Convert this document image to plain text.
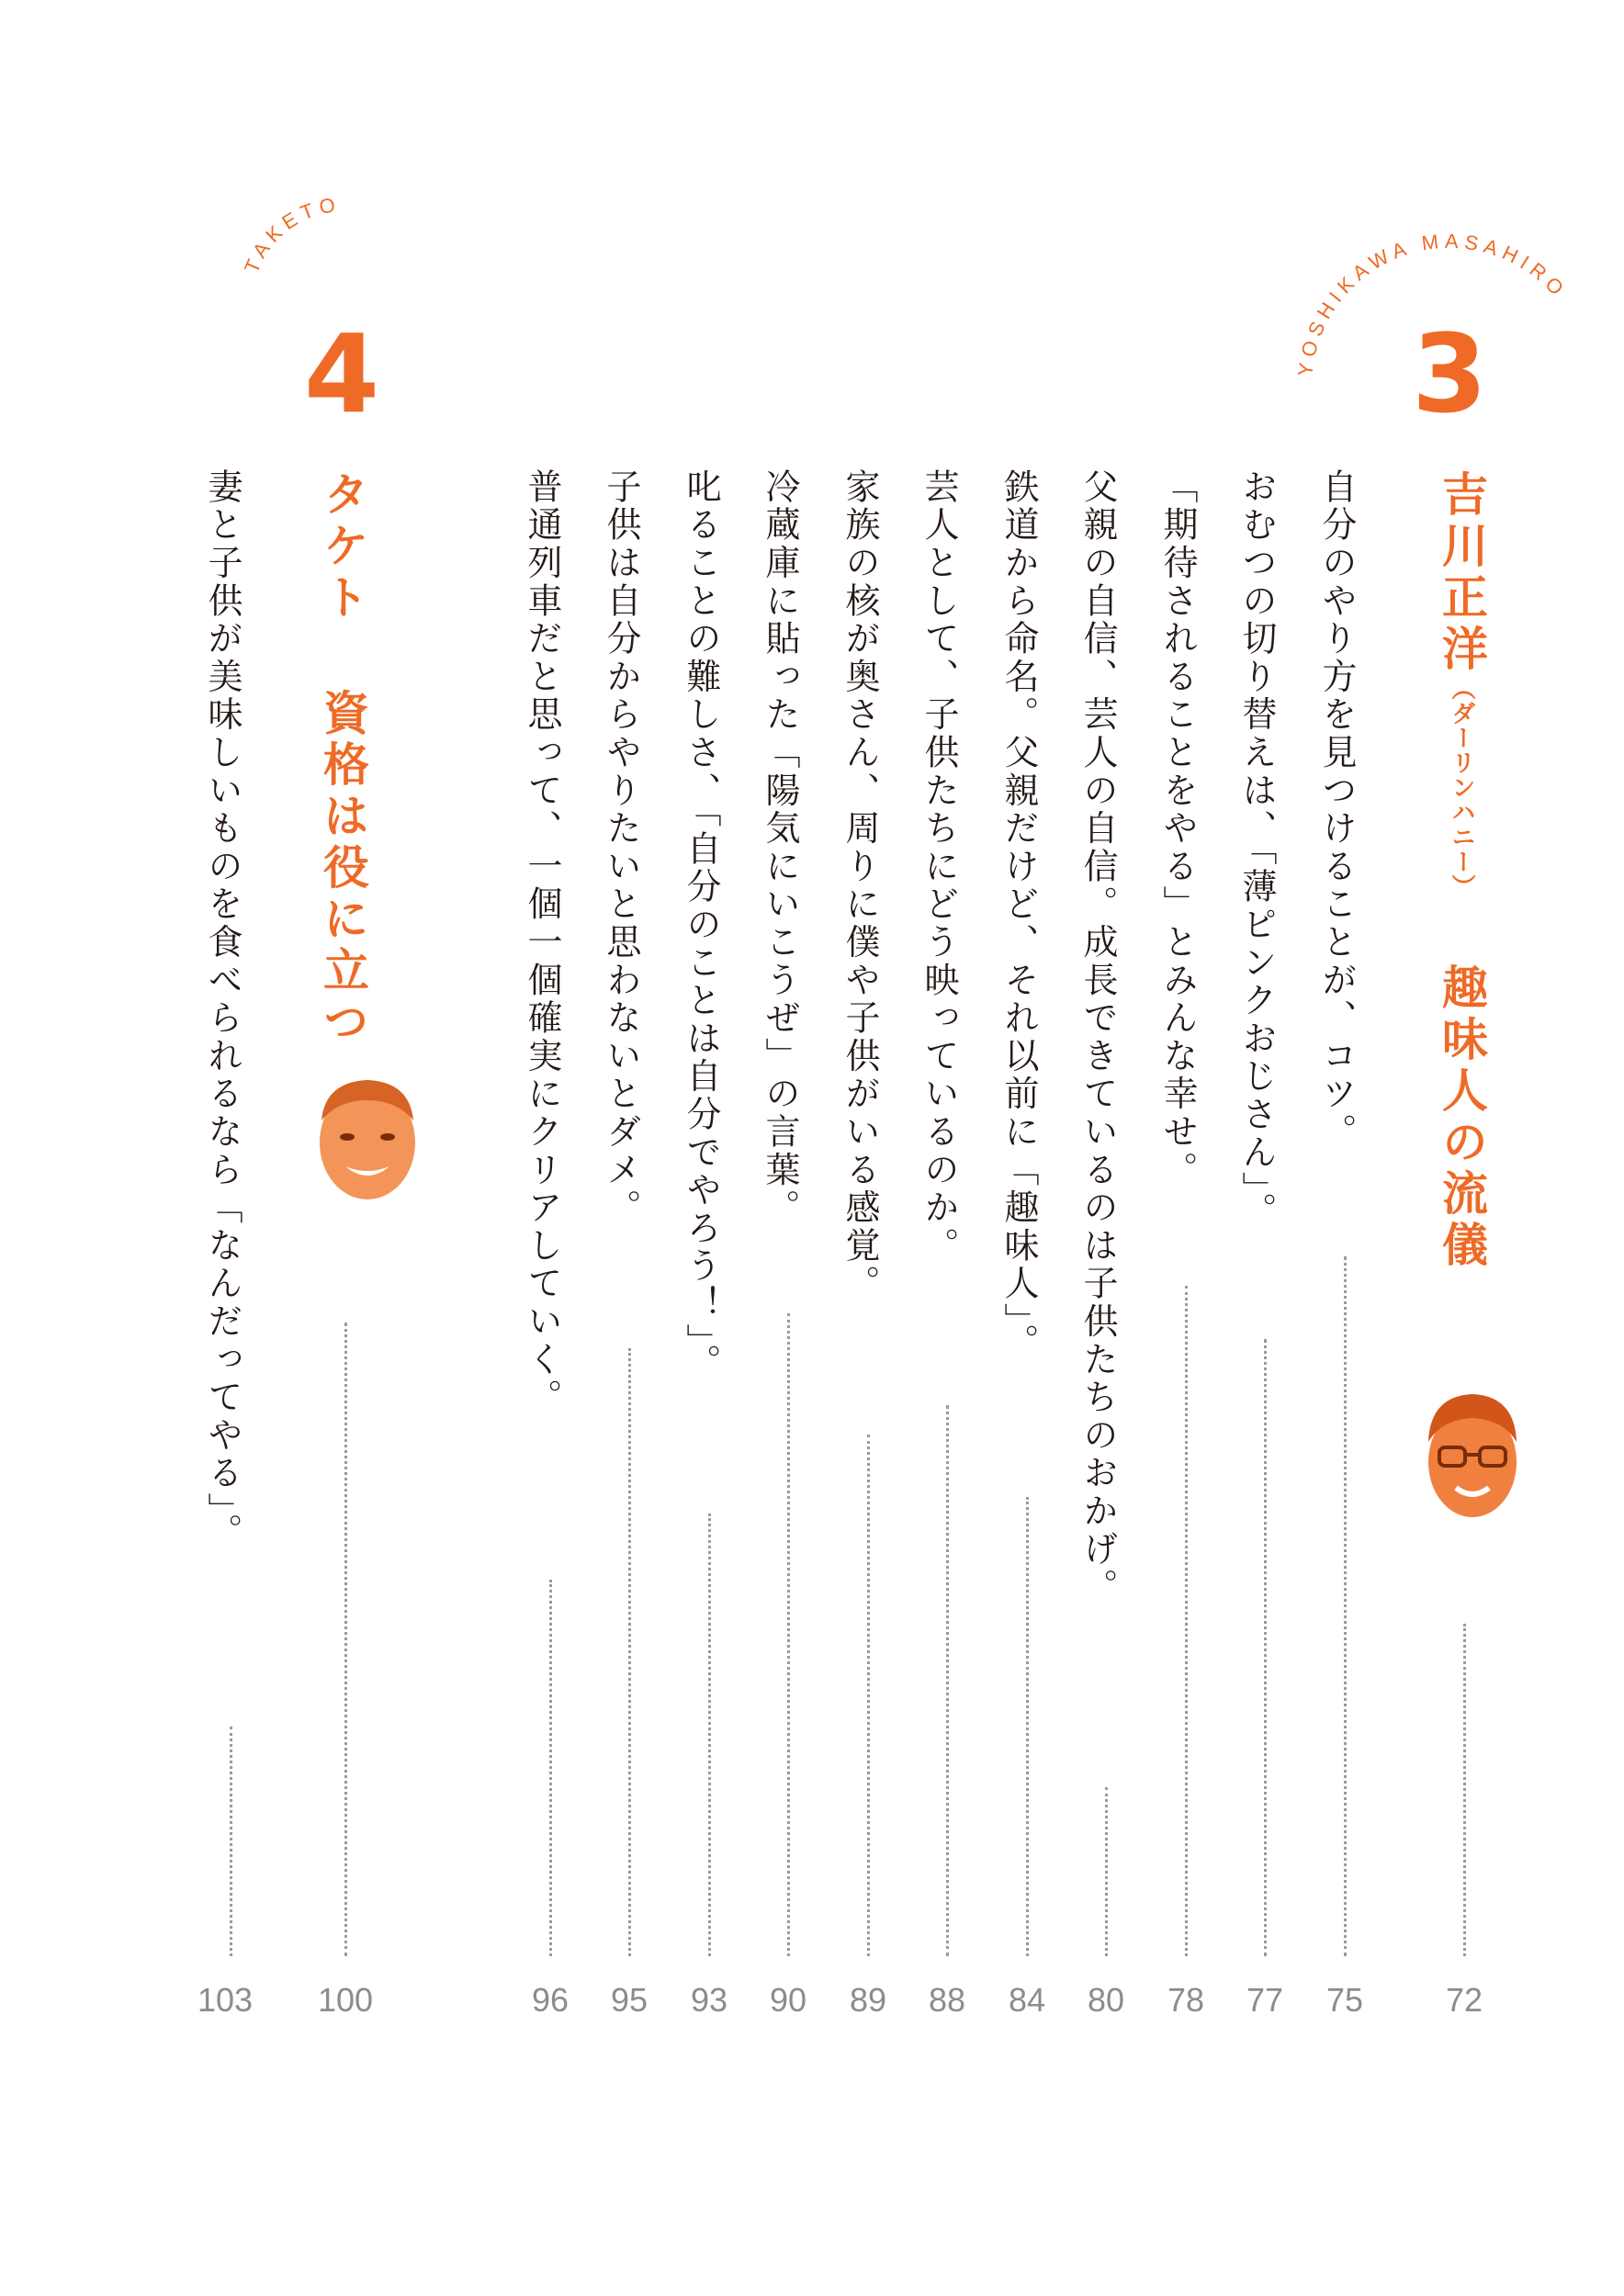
YOSHIKAWA MASAHIRO
TAKETO
3
4
吉川正洋（ダーリンハニー）趣味人の流儀
タケト資格は役に立つ	自分のやり方を見つけることが、コツ。
おむつの切り替えは、「薄ピンクおじさん」。
「期待されることをやる」とみんな幸せ。
父親の自信、芸人の自信。成長できているのは子供たちのおかげ。
鉄道から命名。父親だけど、それ以前に「趣味人」。
芸人として、子供たちにどう映っているのか。
家族の核が奥さん、周りに僕や子供がいる感覚。
冷蔵庫に貼った「陽気にいこうぜ」の言葉。
叱ることの難しさ、「自分のことは自分でやろう！」。
子供は自分からやりたいと思わないとダメ。
普通列車だと思って、一個一個確実にクリアしていく。
妻と子供が美味しいものを食べられるなら「なんだってやる」。
72
75
77
78
80
84
88
89
90
93
95
96
100
103
